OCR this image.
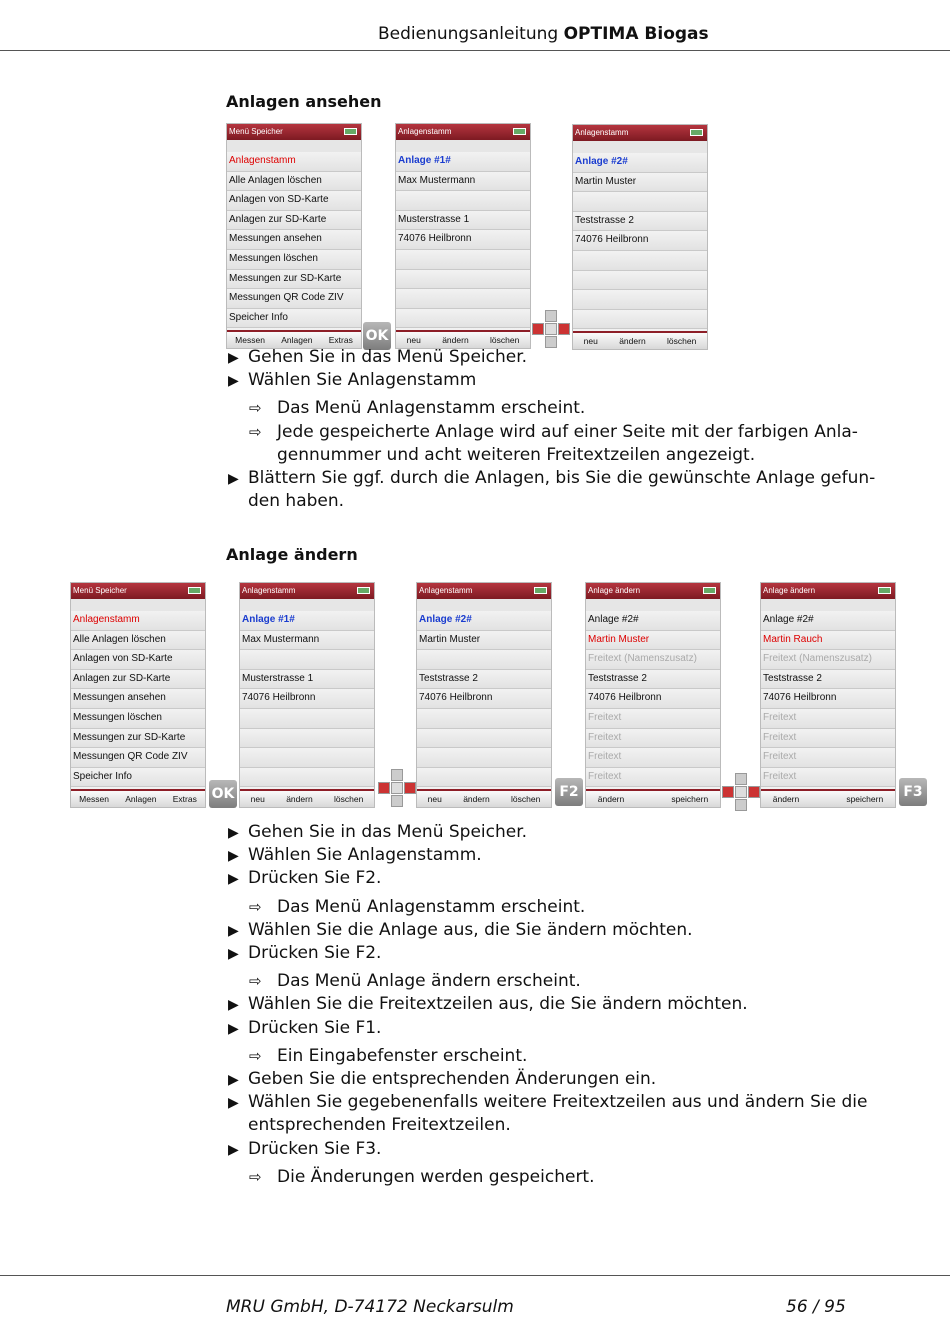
Bedienungsanleitung OPTIMA Biogas
Anlagen ansehen
Menü Speicher
Anlagenstamm
Alle Anlagen löschen
Anlagen von SD-Karte
Anlagen zur SD-Karte
Messungen ansehen
Messungen löschen
Messungen zur SD-Karte
Messungen QR Code ZIV
Speicher Info
Messen Anlagen Extras
Anlagenstamm
Anlage #1#
Max Mustermann
Musterstrasse 1
74076 Heilbronn
neu	ändern	löschen
Anlagenstamm
Anlage #2#
Martin Muster
Teststrasse 2
74076 Heilbronn
neu	ändern	löschen
OK
▶ Gehen Sie in das Menü Speicher.
▶ Wählen Sie Anlagenstamm
⇨ Das Menü Anlagenstamm erscheint.
⇨ Jede gespeicherte Anlage wird auf einer Seite mit der farbigen Anla-
gennummer und acht weiteren Freitextzeilen angezeigt.
▶ Blättern Sie ggf. durch die Anlagen, bis Sie die gewünschte Anlage gefun-
den haben.
Anlage ändern
Menü Speicher
Anlagenstamm
Alle Anlagen löschen
Anlagen von SD-Karte
Anlagen zur SD-Karte
Messungen ansehen
Messungen löschen
Messungen zur SD-Karte
Messungen QR Code ZIV
Speicher Info
Messen Anlagen Extras
Anlagenstamm
Anlage #1#
Max Mustermann
Musterstrasse 1
74076 Heilbronn
neu	ändern	löschen
Anlagenstamm
Anlage #2#
Martin Muster
Teststrasse 2
74076 Heilbronn
neu	ändern	löschen
Anlage ändern
Anlage #2#
Martin Muster
Freitext (Namenszusatz)
Teststrasse 2
74076 Heilbronn
Freitext
Freitext
Freitext
Freitext
ändern	speichern
Anlage ändern
Anlage #2#
Martin Rauch
Freitext (Namenszusatz)
Teststrasse 2
74076 Heilbronn
Freitext
Freitext
Freitext
Freitext
ändern	speichern
OK	F2	F3
▶ Gehen Sie in das Menü Speicher.
▶ Wählen Sie Anlagenstamm.
▶ Drücken Sie F2.
⇨ Das Menü Anlagenstamm erscheint.
▶ Wählen Sie die Anlage aus, die Sie ändern möchten.
▶ Drücken Sie F2.
⇨ Das Menü Anlage ändern erscheint.
▶ Wählen Sie die Freitextzeilen aus, die Sie ändern möchten.
▶ Drücken Sie F1.
⇨ Ein Eingabefenster erscheint.
▶ Geben Sie die entsprechenden Änderungen ein.
▶ Wählen Sie gegebenenfalls weitere Freitextzeilen aus und ändern Sie die
entsprechenden Freitextzeilen.
▶ Drücken Sie F3.
⇨ Die Änderungen werden gespeichert.
MRU GmbH, D-74172 Neckarsulm	56 / 95
